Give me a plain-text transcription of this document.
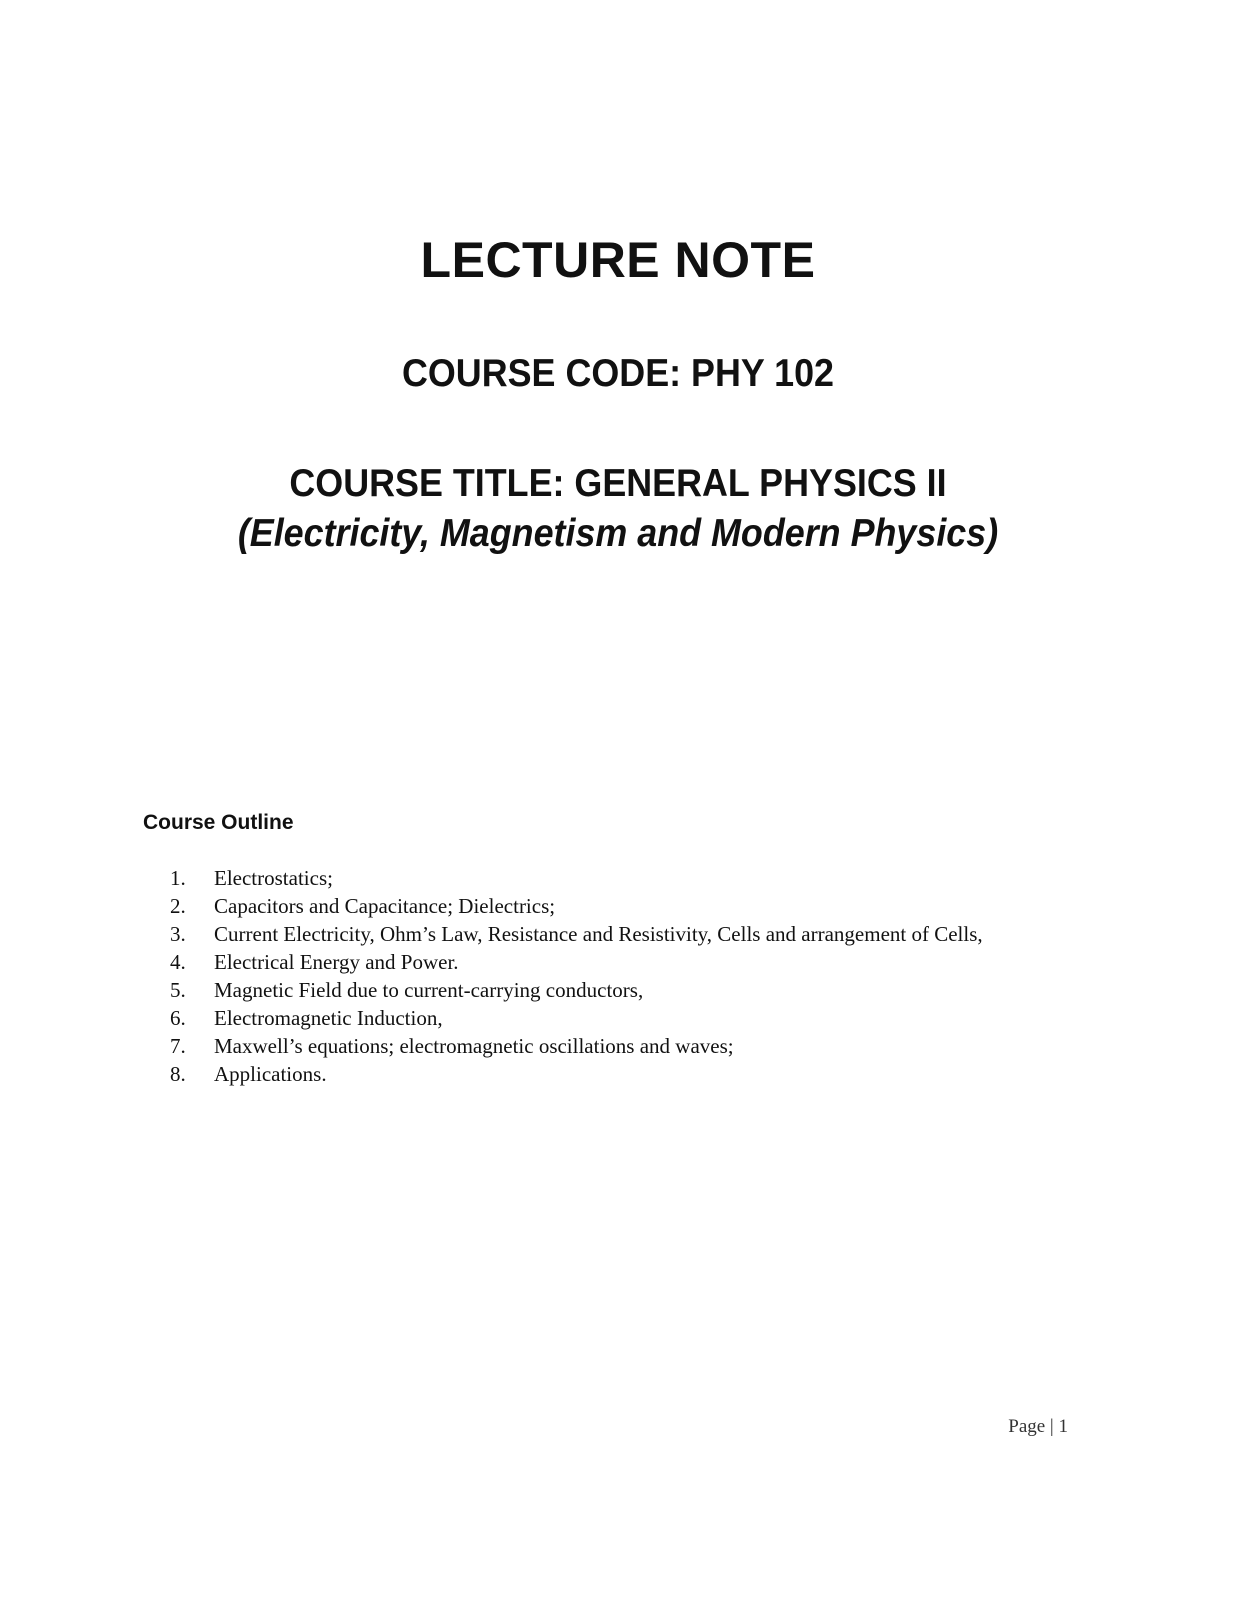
LECTURE NOTE
COURSE CODE: PHY 102
COURSE TITLE: GENERAL PHYSICS II
(Electricity, Magnetism and Modern Physics)
Course Outline
1.	Electrostatics;
2.	Capacitors and Capacitance; Dielectrics;
3.	Current Electricity, Ohm’s Law, Resistance and Resistivity, Cells and arrangement of Cells,
4.	Electrical Energy and Power.
5.	Magnetic Field due to current-carrying conductors,
6.	Electromagnetic Induction,
7.	Maxwell’s equations; electromagnetic oscillations and waves;
8.	Applications.
Page | 1
